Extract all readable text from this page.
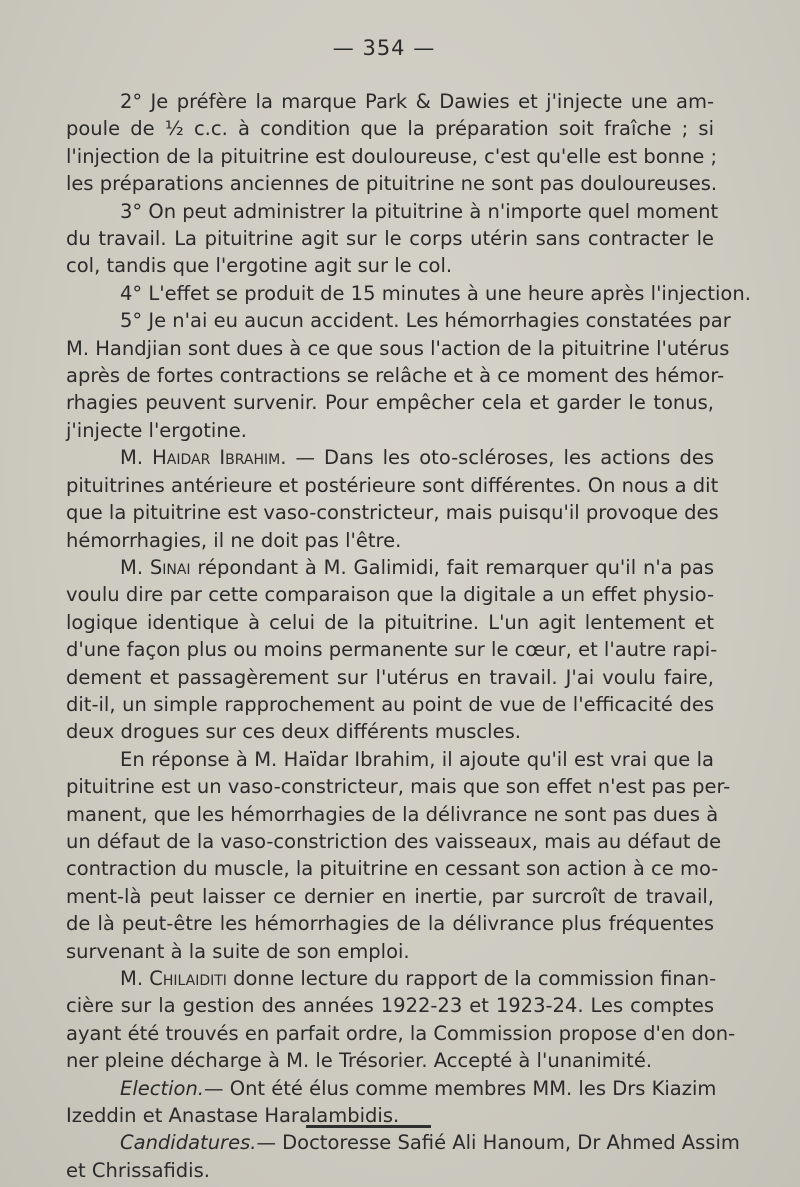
— 354 —
2° Je préfère la marque Park & Dawies et j'injecte une am-
poule de ½ c.c. à condition que la préparation soit fraîche ; si
l'injection de la pituitrine est douloureuse, c'est qu'elle est bonne ;
les préparations anciennes de pituitrine ne sont pas douloureuses.
3° On peut administrer la pituitrine à n'importe quel moment
du travail. La pituitrine agit sur le corps utérin sans contracter le
col, tandis que l'ergotine agit sur le col.
4° L'effet se produit de 15 minutes à une heure après l'injection.
5° Je n'ai eu aucun accident. Les hémorrhagies constatées par
M. Handjian sont dues à ce que sous l'action de la pituitrine l'utérus
après de fortes contractions se relâche et à ce moment des hémor-
rhagies peuvent survenir. Pour empêcher cela et garder le tonus,
j'injecte l'ergotine.
M. Haidar Ibrahim. — Dans les oto-scléroses, les actions des
pituitrines antérieure et postérieure sont différentes. On nous a dit
que la pituitrine est vaso-constricteur, mais puisqu'il provoque des
hémorrhagies, il ne doit pas l'être.
M. Sinai répondant à M. Galimidi, fait remarquer qu'il n'a pas
voulu dire par cette comparaison que la digitale a un effet physio-
logique identique à celui de la pituitrine. L'un agit lentement et
d'une façon plus ou moins permanente sur le cœur, et l'autre rapi-
dement et passagèrement sur l'utérus en travail. J'ai voulu faire,
dit-il, un simple rapprochement au point de vue de l'efficacité des
deux drogues sur ces deux différents muscles.
En réponse à M. Haïdar Ibrahim, il ajoute qu'il est vrai que la
pituitrine est un vaso-constricteur, mais que son effet n'est pas per-
manent, que les hémorrhagies de la délivrance ne sont pas dues à
un défaut de la vaso-constriction des vaisseaux, mais au défaut de
contraction du muscle, la pituitrine en cessant son action à ce mo-
ment-là peut laisser ce dernier en inertie, par surcroît de travail,
de là peut-être les hémorrhagies de la délivrance plus fréquentes
survenant à la suite de son emploi.
M. Chilaiditi donne lecture du rapport de la commission finan-
cière sur la gestion des années 1922-23 et 1923-24. Les comptes
ayant été trouvés en parfait ordre, la Commission propose d'en don-
ner pleine décharge à M. le Trésorier. Accepté à l'unanimité.
Election.— Ont été élus comme membres MM. les Drs Kiazim
Izeddin et Anastase Haralambidis.
Candidatures.— Doctoresse Safié Ali Hanoum, Dr Ahmed Assim
et Chrissafidis.
